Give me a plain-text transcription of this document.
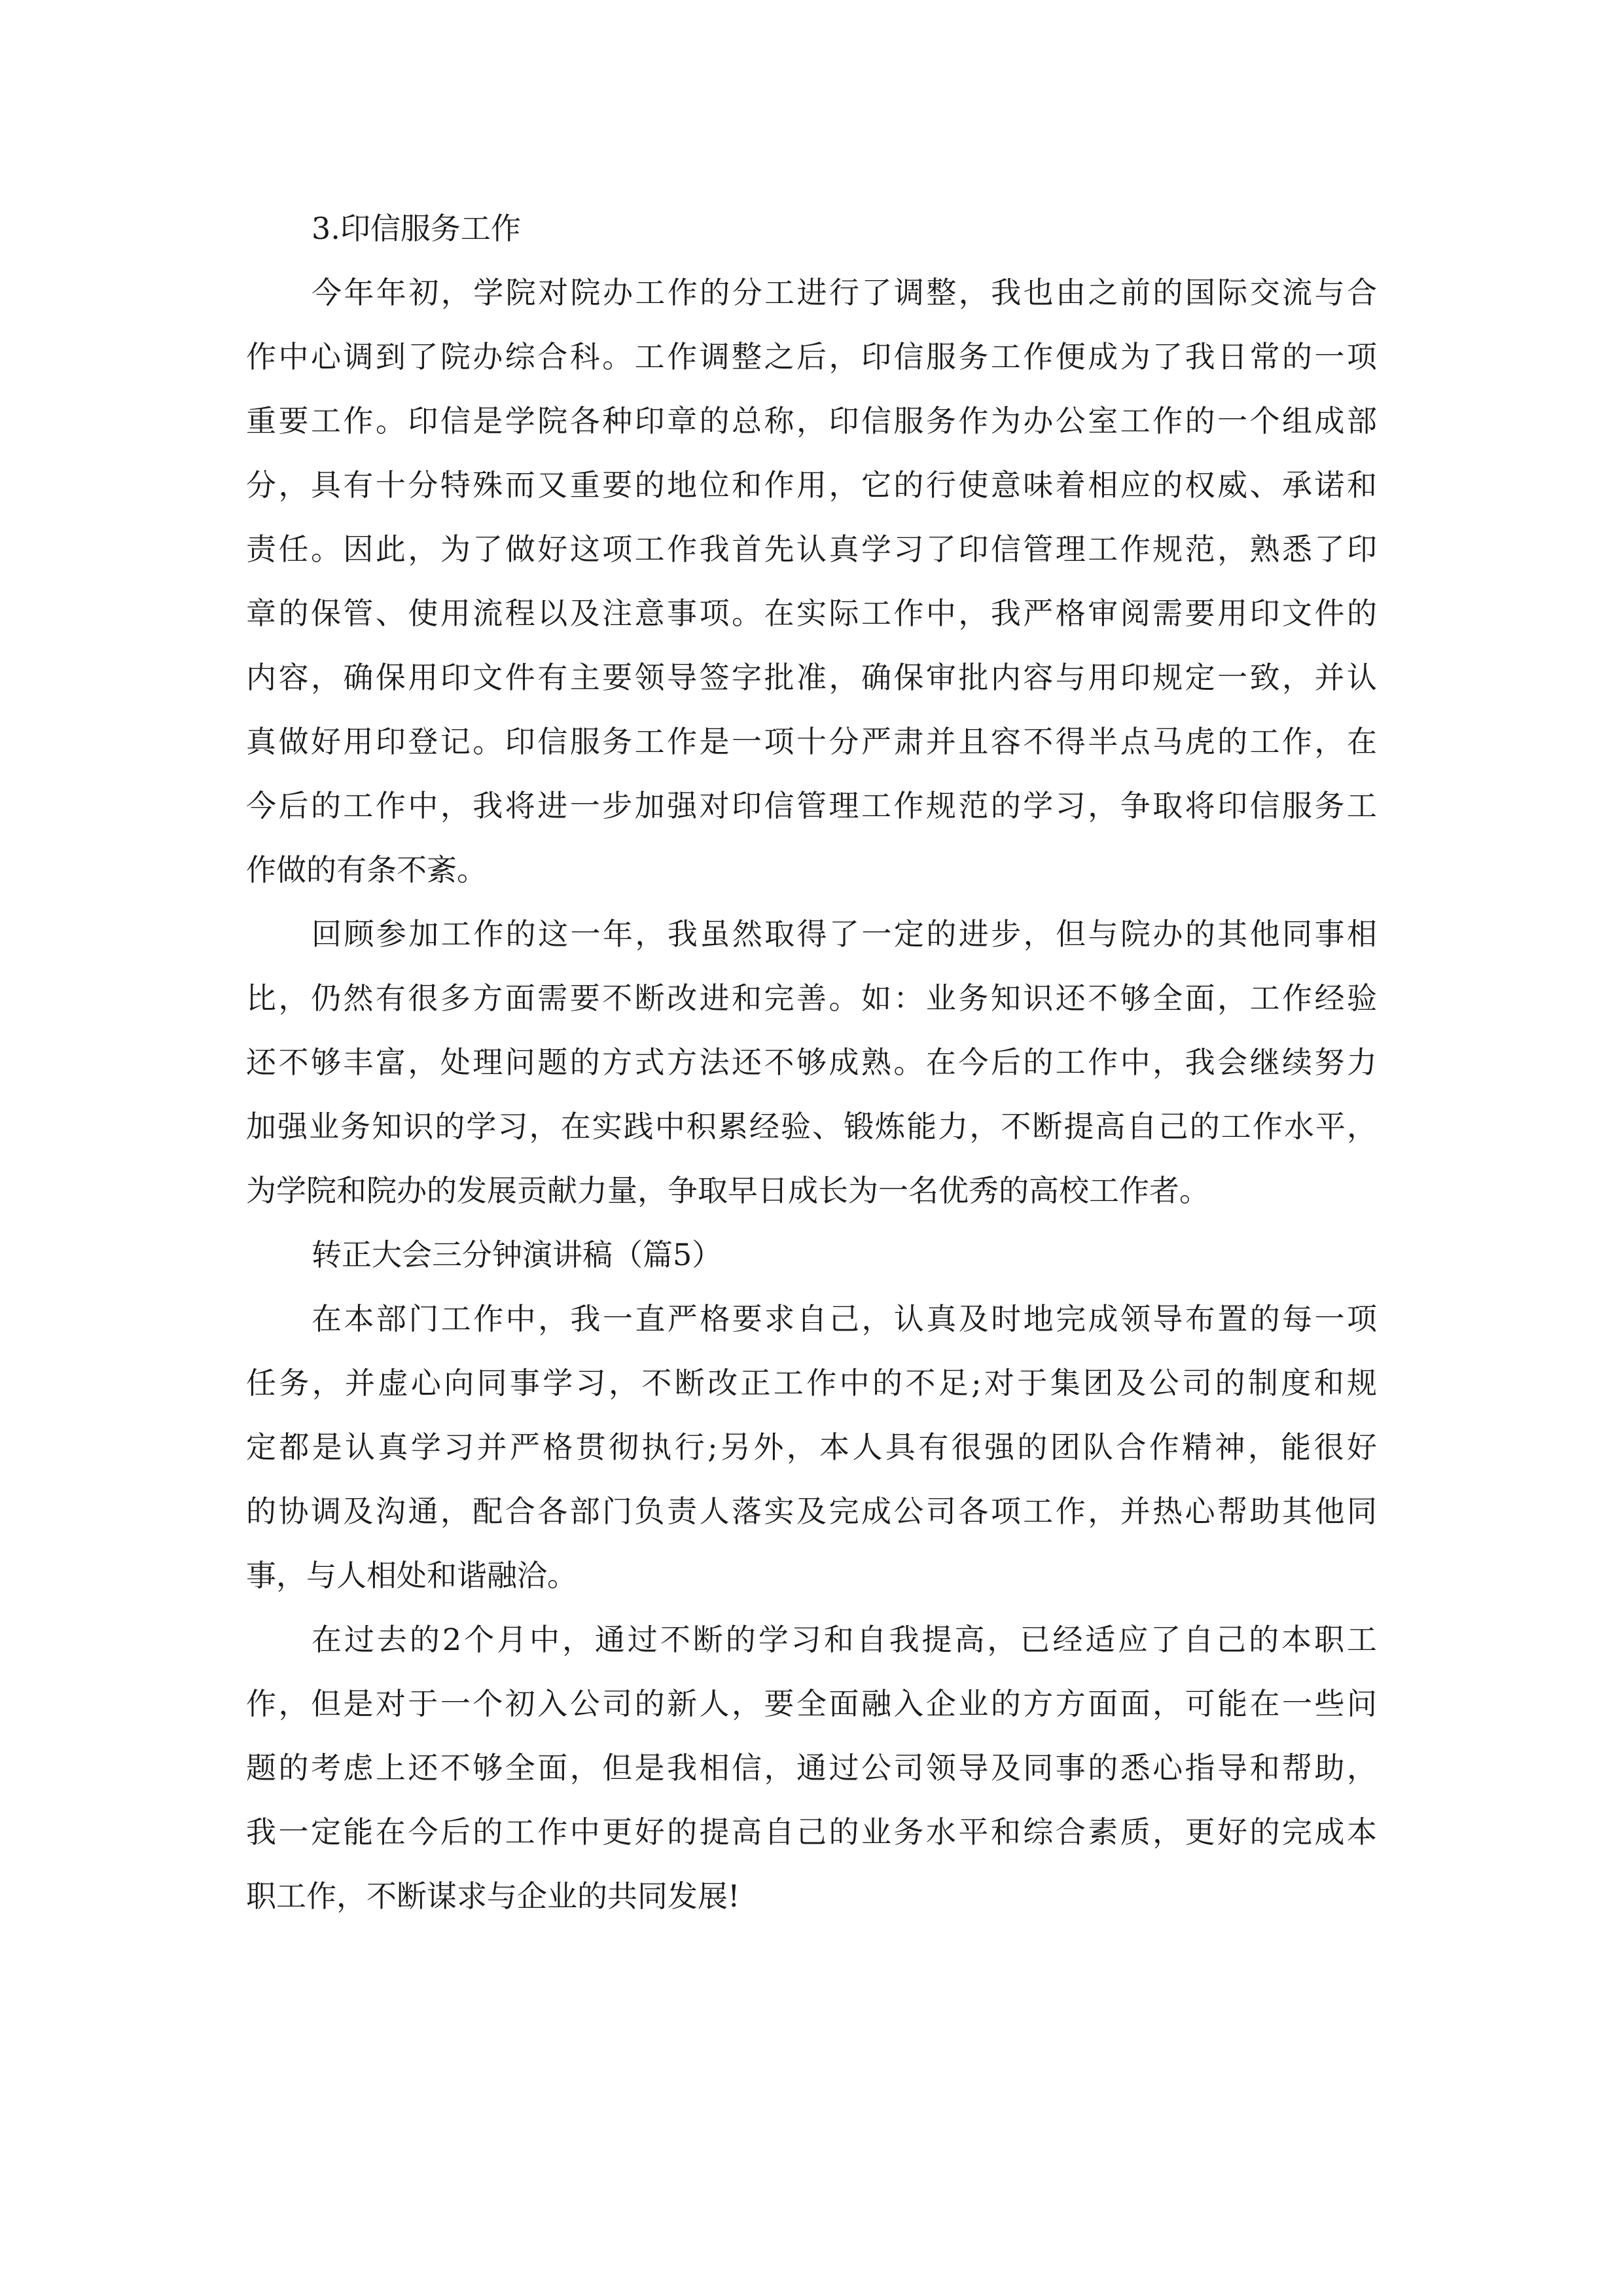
3.印信服务工作
今年年初，学院对院办工作的分工进行了调整，我也由之前的国际交流与合
作中心调到了院办综合科。工作调整之后，印信服务工作便成为了我日常的一项
重要工作。印信是学院各种印章的总称，印信服务作为办公室工作的一个组成部
分，具有十分特殊而又重要的地位和作用，它的行使意味着相应的权威、承诺和
责任。因此，为了做好这项工作我首先认真学习了印信管理工作规范，熟悉了印
章的保管、使用流程以及注意事项。在实际工作中，我严格审阅需要用印文件的
内容，确保用印文件有主要领导签字批准，确保审批内容与用印规定一致，并认
真做好用印登记。印信服务工作是一项十分严肃并且容不得半点马虎的工作，在
今后的工作中，我将进一步加强对印信管理工作规范的学习，争取将印信服务工
作做的有条不紊。
回顾参加工作的这一年，我虽然取得了一定的进步，但与院办的其他同事相
比，仍然有很多方面需要不断改进和完善。如：业务知识还不够全面，工作经验
还不够丰富，处理问题的方式方法还不够成熟。在今后的工作中，我会继续努力
加强业务知识的学习，在实践中积累经验、锻炼能力，不断提高自己的工作水平，
为学院和院办的发展贡献力量，争取早日成长为一名优秀的高校工作者。
转正大会三分钟演讲稿（篇5）
在本部门工作中，我一直严格要求自己，认真及时地完成领导布置的每一项
任务，并虚心向同事学习，不断改正工作中的不足;对于集团及公司的制度和规
定都是认真学习并严格贯彻执行;另外，本人具有很强的团队合作精神，能很好
的协调及沟通，配合各部门负责人落实及完成公司各项工作，并热心帮助其他同
事，与人相处和谐融洽。
在过去的2个月中，通过不断的学习和自我提高，已经适应了自己的本职工
作，但是对于一个初入公司的新人，要全面融入企业的方方面面，可能在一些问
题的考虑上还不够全面，但是我相信，通过公司领导及同事的悉心指导和帮助，
我一定能在今后的工作中更好的提高自己的业务水平和综合素质，更好的完成本
职工作，不断谋求与企业的共同发展!
